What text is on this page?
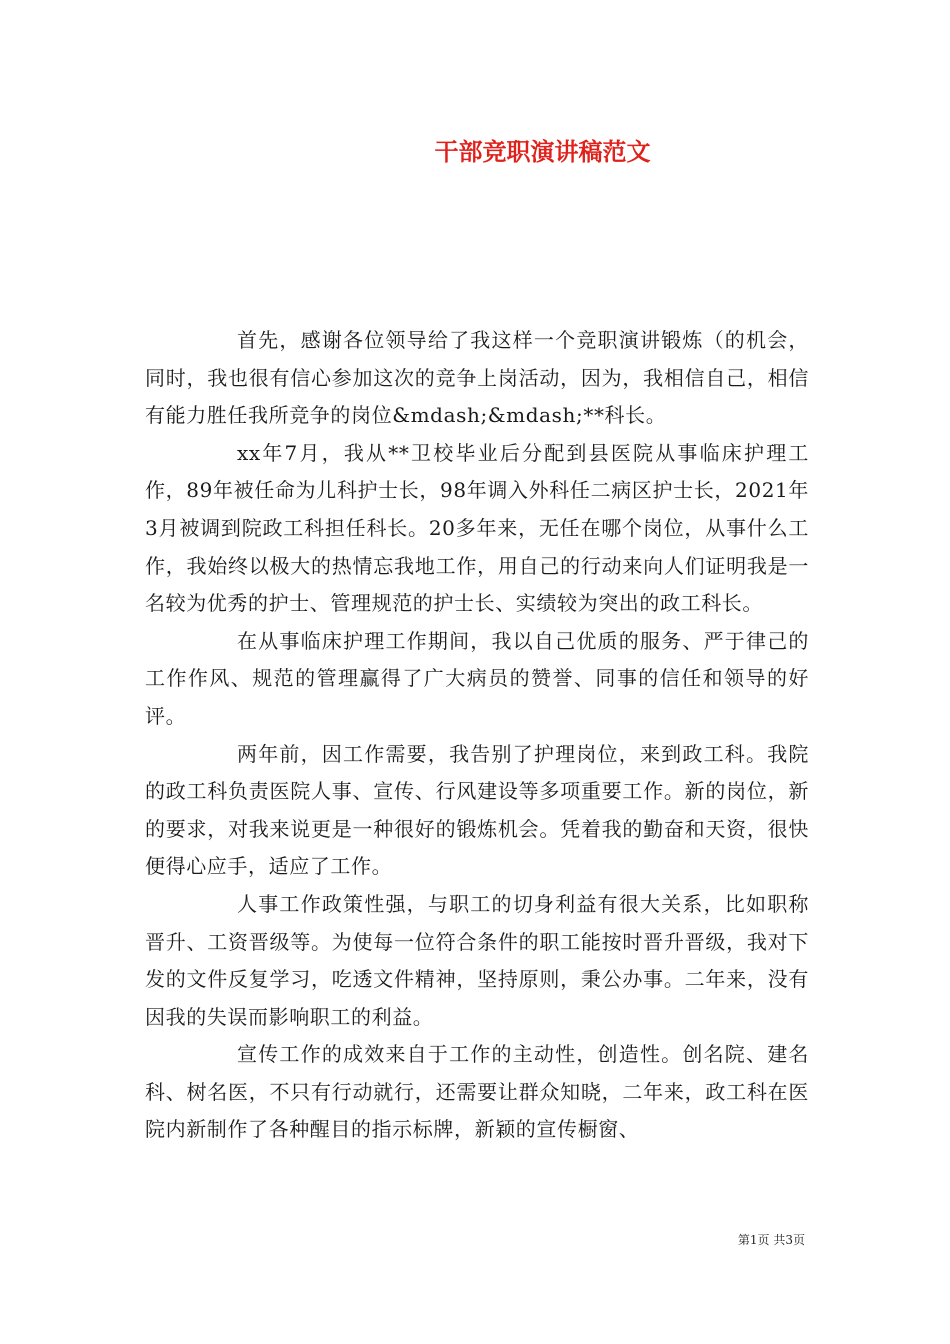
干部竞职演讲稿范文

首先，感谢各位领导给了我这样一个竞职演讲锻炼（的机会，同时，我也很有信心参加这次的竞争上岗活动，因为，我相信自己，相信有能力胜任我所竞争的岗位&mdash;&mdash;**科长。

xx年7月，我从**卫校毕业后分配到县医院从事临床护理工作，89年被任命为儿科护士长，98年调入外科任二病区护士长，2021年3月被调到院政工科担任科长。20多年来，无任在哪个岗位，从事什么工作，我始终以极大的热情忘我地工作，用自己的行动来向人们证明我是一名较为优秀的护士、管理规范的护士长、实绩较为突出的政工科长。

在从事临床护理工作期间，我以自己优质的服务、严于律己的工作作风、规范的管理赢得了广大病员的赞誉、同事的信任和领导的好评。

两年前，因工作需要，我告别了护理岗位，来到政工科。我院的政工科负责医院人事、宣传、行风建设等多项重要工作。新的岗位，新的要求，对我来说更是一种很好的锻炼机会。凭着我的勤奋和天资，很快便得心应手，适应了工作。

人事工作政策性强，与职工的切身利益有很大关系，比如职称晋升、工资晋级等。为使每一位符合条件的职工能按时晋升晋级，我对下发的文件反复学习，吃透文件精神，坚持原则，秉公办事。二年来，没有因我的失误而影响职工的利益。

宣传工作的成效来自于工作的主动性，创造性。创名院、建名科、树名医，不只有行动就行，还需要让群众知晓，二年来，政工科在医院内新制作了各种醒目的指示标牌，新颖的宣传橱窗、

第1页 共3页
